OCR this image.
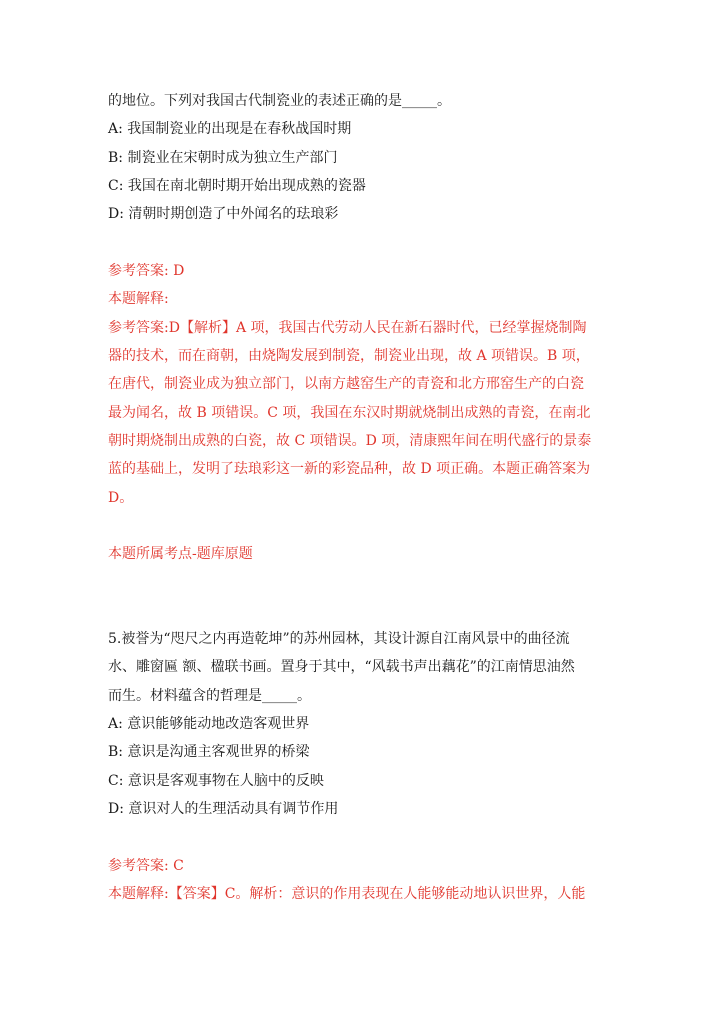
的地位。下列对我国古代制瓷业的表述正确的是_____。

A: 我国制瓷业的出现是在春秋战国时期

B: 制瓷业在宋朝时成为独立生产部门

C: 我国在南北朝时期开始出现成熟的瓷器

D: 清朝时期创造了中外闻名的珐琅彩

参考答案: D

本题解释:

参考答案:D【解析】A 项，我国古代劳动人民在新石器时代，已经掌握烧制陶

器的技术，而在商朝，由烧陶发展到制瓷，制瓷业出现，故 A 项错误。B 项，

在唐代，制瓷业成为独立部门，以南方越窑生产的青瓷和北方邢窑生产的白瓷

最为闻名，故 B 项错误。C 项，我国在东汉时期就烧制出成熟的青瓷，在南北

朝时期烧制出成熟的白瓷，故 C 项错误。D 项，清康熙年间在明代盛行的景泰

蓝的基础上，发明了珐琅彩这一新的彩瓷品种，故 D 项正确。本题正确答案为

D。

本题所属考点-题库原题

5.被誉为“咫尺之内再造乾坤”的苏州园林，其设计源自江南风景中的曲径流

水、雕窗匾 额、楹联书画。置身于其中，“风载书声出藕花”的江南情思油然

而生。材料蕴含的哲理是_____。

A: 意识能够能动地改造客观世界

B: 意识是沟通主客观世界的桥梁

C: 意识是客观事物在人脑中的反映

D: 意识对人的生理活动具有调节作用

参考答案: C

本题解释:【答案】C。解析：意识的作用表现在人能够能动地认识世界，人能
